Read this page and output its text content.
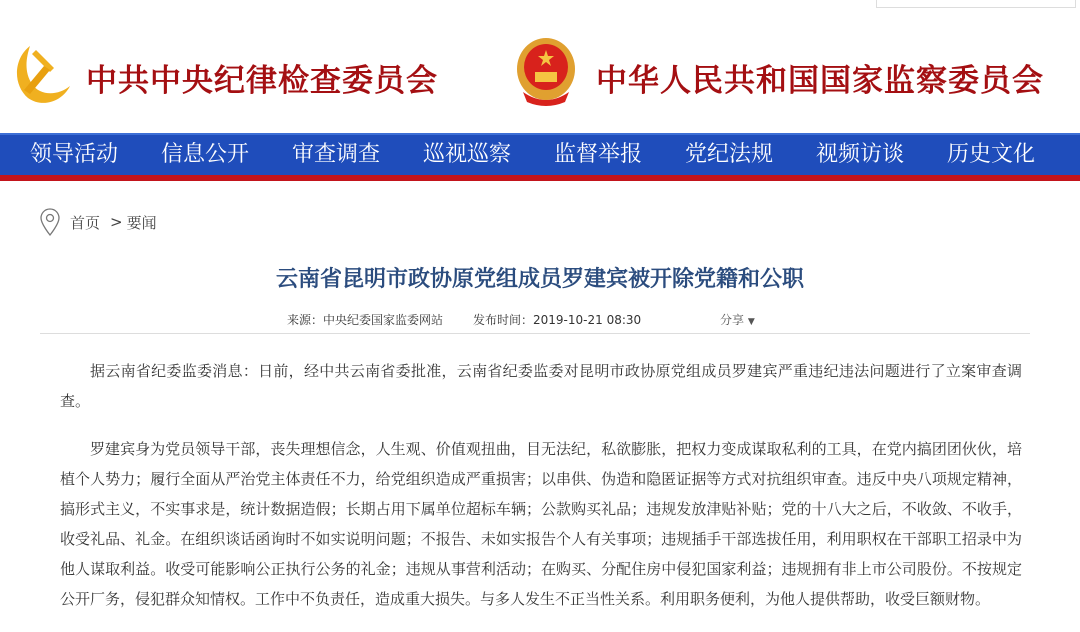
中共中央纪律检查委员会	中华人民共和国国家监察委员会
领导活动	信息公开	审查调查	巡视巡察	监督举报	党纪法规	视频访谈	历史文化
首页 > 要闻
云南省昆明市政协原党组成员罗建宾被开除党籍和公职
来源：中央纪委国家监委网站	发布时间：2019-10-21 08:30	分享 ▼

据云南省纪委监委消息：日前，经中共云南省委批准，云南省纪委监委对昆明市政协原党组成员罗建宾严重违纪违法问题进行了立案审查调查。

罗建宾身为党员领导干部，丧失理想信念，人生观、价值观扭曲，目无法纪，私欲膨胀，把权力变成谋取私利的工具，在党内搞团团伙伙，培植个人势力；履行全面从严治党主体责任不力，给党组织造成严重损害；以串供、伪造和隐匿证据等方式对抗组织审查。违反中央八项规定精神，搞形式主义，不实事求是，统计数据造假；长期占用下属单位超标车辆；公款购买礼品；违规发放津贴补贴；党的十八大之后，不收敛、不收手，收受礼品、礼金。在组织谈话函询时不如实说明问题；不报告、未如实报告个人有关事项；违规插手干部选拔任用，利用职权在干部职工招录中为他人谋取利益。收受可能影响公正执行公务的礼金；违规从事营利活动；在购买、分配住房中侵犯国家利益；违规拥有非上市公司股份。不按规定公开厂务，侵犯群众知情权。工作中不负责任，造成重大损失。与多人发生不正当性关系。利用职务便利，为他人提供帮助，收受巨额财物。
